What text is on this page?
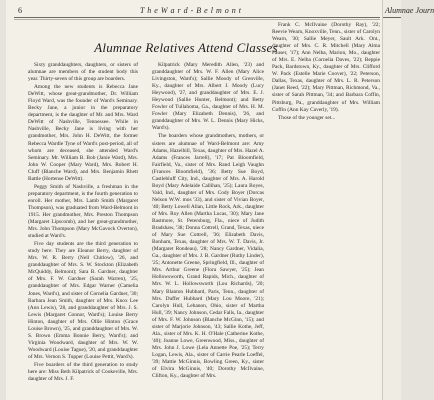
6	T h e W a r d - B e l m o n t
Alumnae Relatives Attend Classes

Sixty granddaughters, daughters, or sisters of alumnae are members of the student body this year. Thirty-seven of this group are boarders.

Among the new students is Rebecca Jane DeWitt, whose great-grandmother, Dr. William Floyd Ward, was the founder of Ward's Seminary. Becky Jane, a junior in the preparatory department, is the daughter of Mr. and Mrs. Ward DeWitt of Nashville, Tennessee. While in Nashville, Becky Jane is living with her grandmother, Mrs. John H. DeWitt, the former Rebecca Wardle Tyne of Ward's post-period, all of whom are deceased, she attended Ward's Seminary. Mr. William B. Bob (Janie Ward), Mrs. John W. Cooper (Mary Ward), Mrs. Robert H. Cluff (Blanche Ward), and Mrs. Benjamin Rhett Battle (Hortense DeWitt).

Peggy Smith of Nashville, a freshman in the preparatory department, is the fourth generation to enroll. Her mother, Mrs. Lamb Smith (Margaret Thompson), was graduated from Ward-Belmont in 1915. Her grandmother, Mrs. Preston Thompson (Margaret Lipscomb), and her great-grandmother, Mrs. John Thompson (Mary McGavock Overton), studied at Ward's.

Five day students are the third generation to study here. They are Eleanor Berry, daughter of Mrs. W. R. Berry (Nell Chitlow), '26, and granddaughter of Mrs. S. W. Stockton (Elizabeth McQuiddy, Belmont); Sara B. Gardner, daughter of Mrs. F. W. Gardner (Sarah Warren), '25, granddaughter of Mrs. Edgar Warner (Camelia Jones, Ward's), and sister of Cornelia Gardner, '30; Barbara Jean Smith, daughter of Mrs. Knox Lee (Ann Lewis), '28, and granddaughter of Mrs. J. S. Lewis (Margaret Connor, Ward's); Louise Berry Hinton, daughter of Mrs. Ollie Hinton (Grace Louise Brown), '25, and granddaughter of Mrs. W. S. Brown (Emma Bonnie Berry, Ward's); and Virginia Woodward, daughter of Mrs. W. W. Woodward (Louise Tague), '20, and granddaughter of Mrs. Vernon S. Tupper (Louise Pettit, Ward's).

Five boarders of the third generation to study here are: Miss Beth Kilpatrick of Cookeville, Mrs. daughter of Mrs. J. F.

Kilpatrick (Mary Meredith Allen, '23) and granddaughter of Mrs. W. F. Allen (Mary Alice Livingston, Ward's); Sallie Moody of Grenville, Ky., daughter of Mrs. Albert J. Moody (Lucy Heywood), '27, and granddaughter of Mrs. E. J. Heywood (Sallie Hunter, Belmont); and Betty Fowler of Tullahoma, Ga., daughter of Mrs. H. M. Fowler (Mary Elizabeth Dennis), '26, and granddaughter of Mrs. W. L. Dennis (Mary Hicks, Ward's).

The boarders whose grandmothers, mothers, or sisters are alumnae of Ward-Belmont are: Amy Adams, Hazelhill, Texas, daughter of Mrs. Hazel A. Adams (Frances Jarrell), '17; Pat Bloomfield, Fairfield, Va., sister of Mrs. Rand Leigh Vaughn (Frances Bloomfield), '36; Betty Sue Boyd, Castlebluff City, Ind., daughter of Mrs. A. Harold Boyd (Mary Adelaide Callihan, '25); Laura Boyes, Vald, Ind., daughter of Mrs. Cody Boyer (Dorcas Nelson W.W. mos '33), and sister of Vivian Boyer, '40; Betty Lowell Allan, Little Rock, Ark., daughter of Mrs. Roy Allen (Martha Lucas, '30); Mary Jane Bastmore, St. Petersburg, Fla., niece of Judith Bradshaw, '38; Donna Cottrell, Grand, Texas, niece of Mary Sue Cottrell, '36; Elizabeth Davis, Bonham, Texas, daughter of Mrs. W. T. Davis, Jr. (Margaret Rondeau), '28; Nancy Gardner, Vidalia, Ga., daughter of Mrs. J. B. Gardner (Ruthy Linder), '25; Antonette Greene, Springfield, Ill., daughter of Mrs. Arthur Greene (Flora Sawyer, '25); Jean Hollowsworth, Grand Rapids, Mich., daughter of Mrs. W. L. Hollowsworth (Lou Richards), '20; Mary Blanton Hubbard, Paris, Tenn., daughter of Mrs. Duffer Hubbard (Mary Lou Moore, '21); Carolyn Hull, Lebanon, Ohio, sister of Martha Hull, '39; Nancy Johnson, Cedar Falls, Ia., daughter of Mrs. F. W. Johnson (Blanche McGinn, '15); and sister of Marjorie Johnson, '43; Sallie Kothe, Jeff, Ala., sister of Mrs. K. H. O'Hale (Catherine Kothe, '40); Joanne Lowe, Greenwood, Miss., daughter of Mrs. John J. Lowe (Lela Annette Poe, '25); Terry Logan, Lewis, Ala., sister of Carrie Pearle Loeffel, '39; Mattie McGinnis, Bowling Green, Ky., sister of Elvira McGinnis, '40; Dorothy McIlvaine, Clifton, Ky., daughter of Mrs.

Frank C. McIlvaine (Dorothy Ray), '22; Reevie Wearn, Knoxville, Tenn., sister of Carolyn Wearn, '30; Sallie Meyer, Sault Ark. Ont., daughter of Mrs. C. R. Mitchell (Mary Alma Fauser, '17); Ann Nelba, Marion, Mo., daughter of Mrs. E. Nelba (Cornelia Daves, '22); Beppie Pack, Bardstown, Ky., daughter of Mrs. Clifford W. Pack (Estelle Marie Coover), '22; Peterson, Dallas, Texas, daughter of Mrs. L. R. Peterson (Janet Reed, '22); Mary Pittman, Richmond, Va., sister of Sarah Pittman, '34; and Barbara Coffin, Pittsburg, Pa., granddaughter of Mrs. William Coffin (Ann Kay Caverly, '19).

Those of the younger set...

Alumnae Journ
